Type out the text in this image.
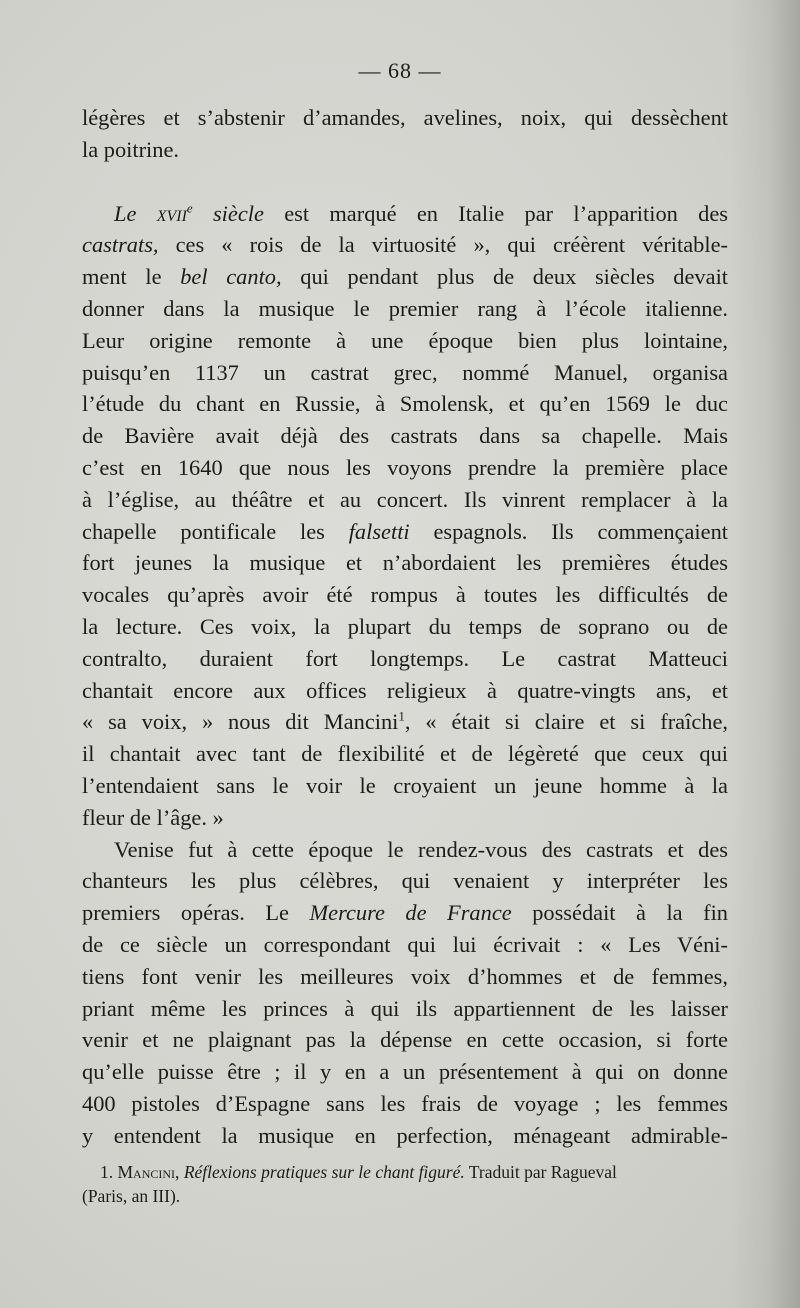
— 68 —
légères et s’abstenir d’amandes, avelines, noix, qui dessèchent
la poitrine.
Le xvii$^e$ siècle est marqué en Italie par l’apparition des
castrats, ces « rois de la virtuosité », qui créèrent véritable-
ment le bel canto, qui pendant plus de deux siècles devait
donner dans la musique le premier rang à l’école italienne.
Leur origine remonte à une époque bien plus lointaine,
puisqu’en 1137 un castrat grec, nommé Manuel, organisa
l’étude du chant en Russie, à Smolensk, et qu’en 1569 le duc
de Bavière avait déjà des castrats dans sa chapelle. Mais
c’est en 1640 que nous les voyons prendre la première place
à l’église, au théâtre et au concert. Ils vinrent remplacer à la
chapelle pontificale les falsetti espagnols. Ils commençaient
fort jeunes la musique et n’abordaient les premières études
vocales qu’après avoir été rompus à toutes les difficultés de
la lecture. Ces voix, la plupart du temps de soprano ou de
contralto, duraient fort longtemps. Le castrat Matteuci
chantait encore aux offices religieux à quatre-vingts ans, et
« sa voix, » nous dit Mancini$^1$, « était si claire et si fraîche,
il chantait avec tant de flexibilité et de légèreté que ceux qui
l’entendaient sans le voir le croyaient un jeune homme à la
fleur de l’âge. »
Venise fut à cette époque le rendez-vous des castrats et des
chanteurs les plus célèbres, qui venaient y interpréter les
premiers opéras. Le Mercure de France possédait à la fin
de ce siècle un correspondant qui lui écrivait : « Les Véni-
tiens font venir les meilleures voix d’hommes et de femmes,
priant même les princes à qui ils appartiennent de les laisser
venir et ne plaignant pas la dépense en cette occasion, si forte
qu’elle puisse être ; il y en a un présentement à qui on donne
400 pistoles d’Espagne sans les frais de voyage ; les femmes
y entendent la musique en perfection, ménageant admirable-
1. Mancini, Réflexions pratiques sur le chant figuré. Traduit par Ragueval
(Paris, an III).
